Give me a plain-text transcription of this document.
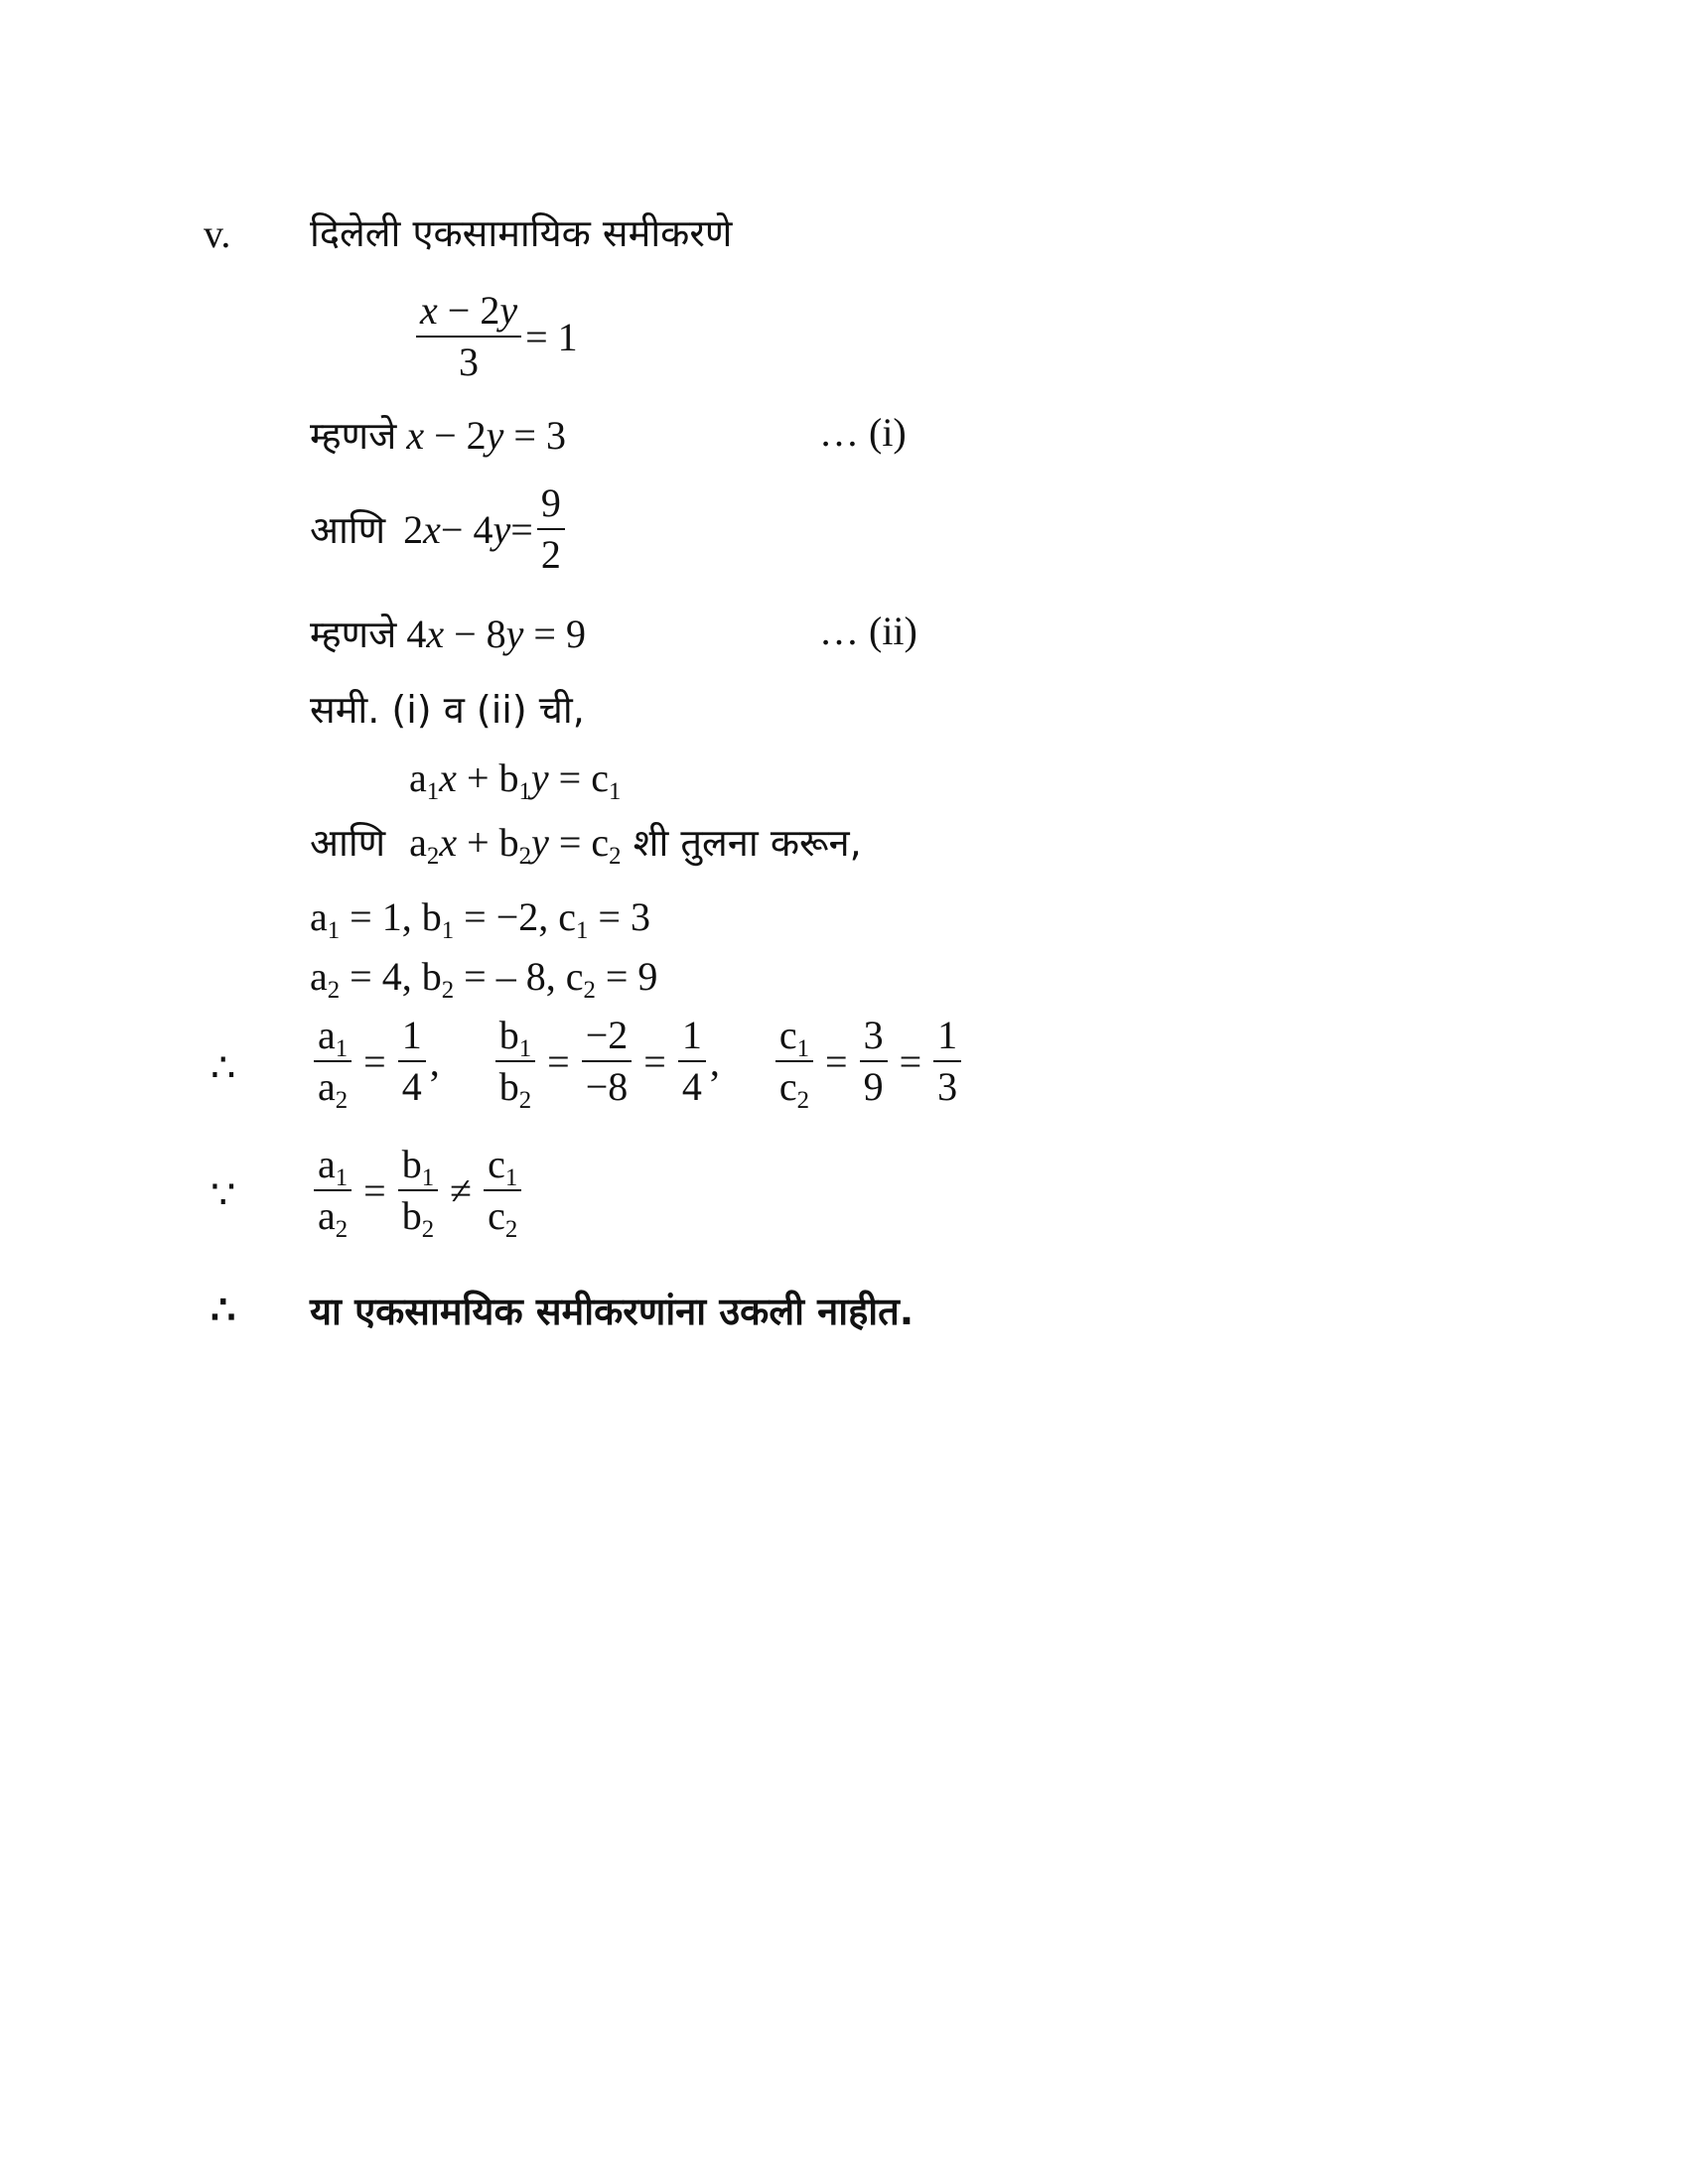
v. दिलेली एकसामायिक समीकरणे
$\frac{x - 2y}{3} = 1$
म्हणजे x − 2y = 3	… (i)
आणि 2 x − 4 $y = \frac{9}{2}$
म्हणजे 4x − 8y = 9	… (ii)
समी. (i) व (ii) ची,
$a_1x + b_1y = c_1$
आणि $a_2x + b_2y = c_2$ शी तुलना करून,
$a_1 = 1$, $b_1 = -2$, $c_1 = 3$
$a_2 = 4$, $b_2$ = – 8, $c_2 = 9$
∴ $\frac{a_1}{a_2} = \frac{1}{4}$ , $\frac{b_1}{b_2} = \frac{-2}{-8} = \frac{1}{4}$ , $\frac{c_1}{c_2} = \frac{3}{9} = \frac{1}{3}$
∵ $\frac{a_1}{a_2} = \frac{b_1}{b_2} \ne \frac{c_1}{c_2}$
∴ या एकसामयिक समीकरणांना उकली नाहीत.
